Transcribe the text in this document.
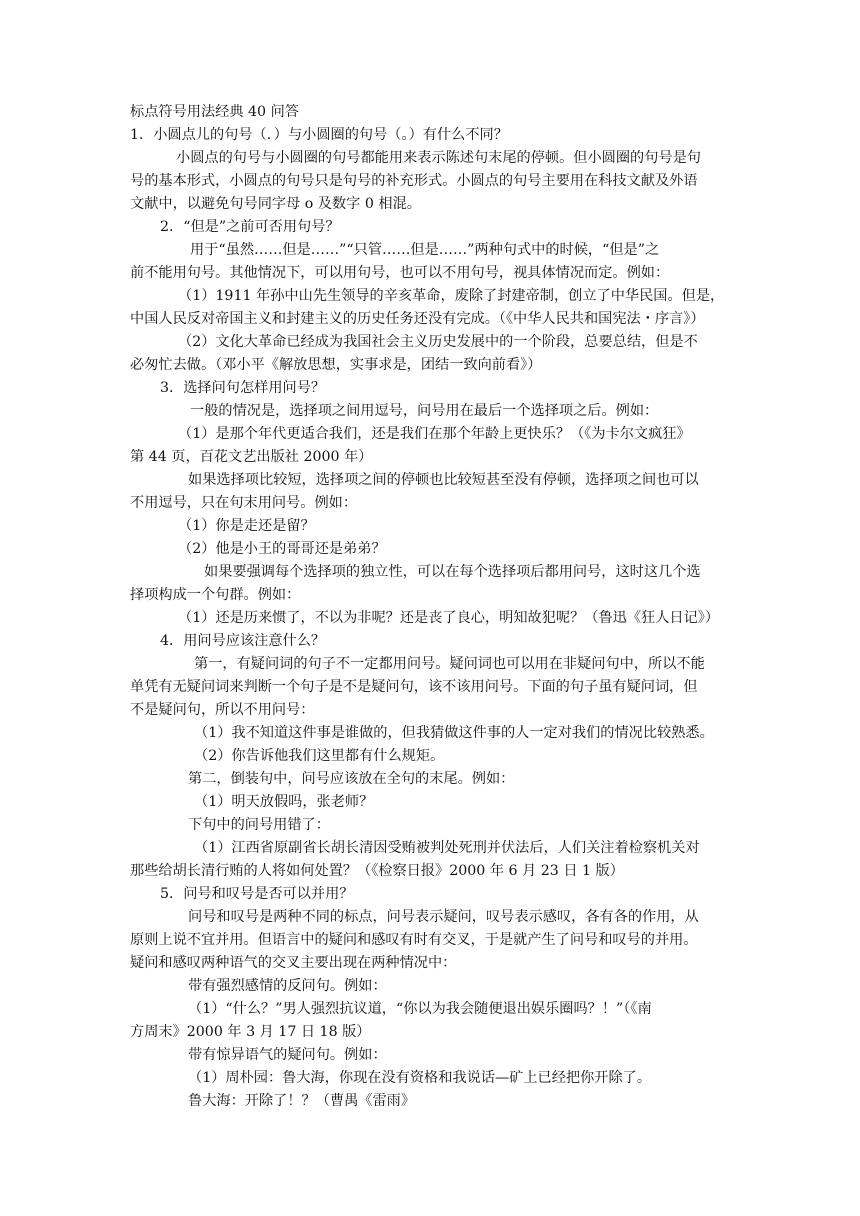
标点符号用法经典 40 问答
1．小圆点儿的句号（．）与小圆圈的句号（。）有什么不同？
小圆点的句号与小圆圈的句号都能用来表示陈述句末尾的停顿。但小圆圈的句号是句
号的基本形式，小圆点的句号只是句号的补充形式。小圆点的句号主要用在科技文献及外语
文献中，以避免句号同字母 o 及数字 0 相混。
2．“但是”之前可否用句号？
用于“虽然……但是……”“只管……但是……”两种句式中的时候，“但是”之
前不能用句号。其他情况下，可以用句号，也可以不用句号，视具体情况而定。例如：
（1）1911 年孙中山先生领导的辛亥革命，废除了封建帝制，创立了中华民国。但是，
中国人民反对帝国主义和封建主义的历史任务还没有完成。（《中华人民共和国宪法・序言》）
（2）文化大革命已经成为我国社会主义历史发展中的一个阶段，总要总结，但是不
必匆忙去做。（邓小平《解放思想，实事求是，团结一致向前看》）
3．选择问句怎样用问号？
一般的情况是，选择项之间用逗号，问号用在最后一个选择项之后。例如：
（1）是那个年代更适合我们，还是我们在那个年龄上更快乐？（《为卡尔文疯狂》
第 44 页，百花文艺出版社 2000 年）
如果选择项比较短，选择项之间的停顿也比较短甚至没有停顿，选择项之间也可以
不用逗号，只在句末用问号。例如：
（1）你是走还是留？
（2）他是小王的哥哥还是弟弟？
如果要强调每个选择项的独立性，可以在每个选择项后都用问号，这时这几个选
择项构成一个句群。例如：
（1）还是历来惯了，不以为非呢？还是丧了良心，明知故犯呢？（鲁迅《狂人日记》）
4．用问号应该注意什么？
第一，有疑问词的句子不一定都用问号。疑问词也可以用在非疑问句中，所以不能
单凭有无疑问词来判断一个句子是不是疑问句，该不该用问号。下面的句子虽有疑问词，但
不是疑问句，所以不用问号：
（1）我不知道这件事是谁做的，但我猜做这件事的人一定对我们的情况比较熟悉。
（2）你告诉他我们这里都有什么规矩。
第二，倒装句中，问号应该放在全句的末尾。例如：
（1）明天放假吗，张老师？
下句中的问号用错了：
（1）江西省原副省长胡长清因受贿被判处死刑并伏法后，人们关注着检察机关对
那些给胡长清行贿的人将如何处置？（《检察日报》2000 年 6 月 23 日 1 版）
5．问号和叹号是否可以并用？
问号和叹号是两种不同的标点，问号表示疑问，叹号表示感叹，各有各的作用，从
原则上说不宜并用。但语言中的疑问和感叹有时有交叉，于是就产生了问号和叹号的并用。
疑问和感叹两种语气的交叉主要出现在两种情况中：
带有强烈感情的反问句。例如：
（1）“什么？”男人强烈抗议道，“你以为我会随便退出娱乐圈吗？！”（《南
方周末》2000 年 3 月 17 日 18 版）
带有惊异语气的疑问句。例如：
（1）周朴园：鲁大海，你现在没有资格和我说话—矿上已经把你开除了。
鲁大海：开除了！？（曹禺《雷雨》
